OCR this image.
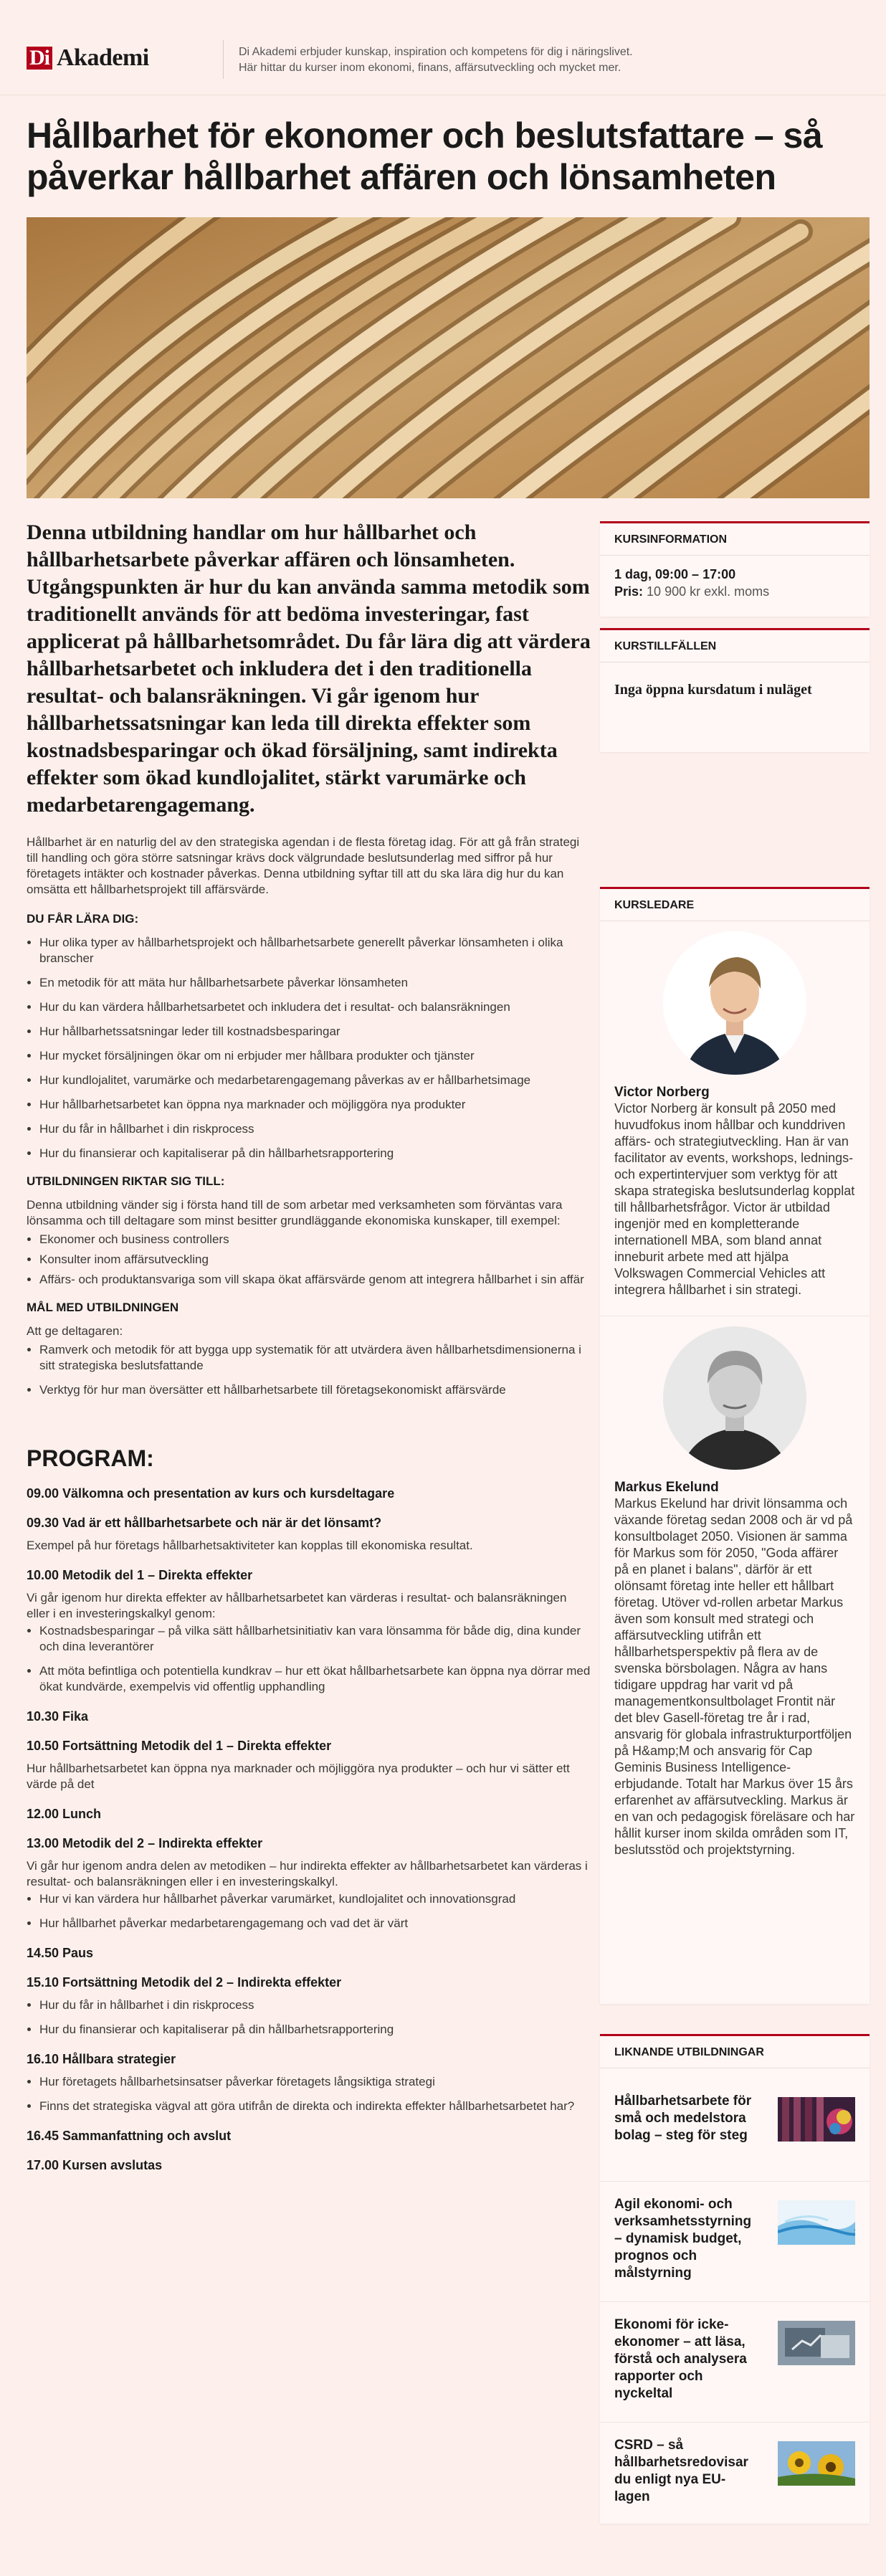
Di Akademi	Di Akademi erbjuder kunskap, inspiration och kompetens för dig i näringslivet.
Här hittar du kurser inom ekonomi, finans, affärsutveckling och mycket mer.
Hållbarhet för ekonomer och beslutsfattare – så påverkar hållbarhet affären och lönsamheten

Denna utbildning handlar om hur hållbarhet och hållbarhetsarbete påverkar affären och lönsamheten. Utgångspunkten är hur du kan använda samma metodik som traditionellt används för att bedöma investeringar, fast applicerat på hållbarhetsområdet. Du får lära dig att värdera hållbarhetsarbetet och inkludera det i den traditionella resultat- och balansräkningen. Vi går igenom hur hållbarhetssatsningar kan leda till direkta effekter som kostnadsbesparingar och ökad försäljning, samt indirekta effekter som ökad kundlojalitet, stärkt varumärke och medarbetarengagemang.

Hållbarhet är en naturlig del av den strategiska agendan i de flesta företag idag. För att gå från strategi till handling och göra större satsningar krävs dock välgrundade beslutsunderlag med siffror på hur företagets intäkter och kostnader påverkas. Denna utbildning syftar till att du ska lära dig hur du kan omsätta ett hållbarhetsprojekt till affärsvärde.

DU FÅR LÄRA DIG:
• Hur olika typer av hållbarhetsprojekt och hållbarhetsarbete generellt påverkar lönsamheten i olika branscher
• En metodik för att mäta hur hållbarhetsarbete påverkar lönsamheten
• Hur du kan värdera hållbarhetsarbetet och inkludera det i resultat- och balansräkningen
• Hur hållbarhetssatsningar leder till kostnadsbesparingar
• Hur mycket försäljningen ökar om ni erbjuder mer hållbara produkter och tjänster
• Hur kundlojalitet, varumärke och medarbetarengagemang påverkas av er hållbarhetsimage
• Hur hållbarhetsarbetet kan öppna nya marknader och möjliggöra nya produkter
• Hur du får in hållbarhet i din riskprocess
• Hur du finansierar och kapitaliserar på din hållbarhetsrapportering
UTBILDNINGEN RIKTAR SIG TILL:

Denna utbildning vänder sig i första hand till de som arbetar med verksamheten som förväntas vara lönsamma och till deltagare som minst besitter grundläggande ekonomiska kunskaper, till exempel:

• Ekonomer och business controllers
• Konsulter inom affärsutveckling
• Affärs- och produktansvariga som vill skapa ökat affärsvärde genom att integrera hållbarhet i sin affär
MÅL MED UTBILDNINGEN

Att ge deltagaren:

• Ramverk och metodik för att bygga upp systematik för att utvärdera även hållbarhetsdimensionerna i sitt strategiska beslutsfattande
• Verktyg för hur man översätter ett hållbarhetsarbete till företagsekonomiskt affärsvärde
PROGRAM:
09.00 Välkomna och presentation av kurs och kursdeltagare
09.30 Vad är ett hållbarhetsarbete och när är det lönsamt?

Exempel på hur företags hållbarhetsaktiviteter kan kopplas till ekonomiska resultat.

10.00 Metodik del 1 – Direkta effekter

Vi går igenom hur direkta effekter av hållbarhetsarbetet kan värderas i resultat- och balansräkningen eller i en investeringskalkyl genom:

• Kostnadsbesparingar – på vilka sätt hållbarhetsinitiativ kan vara lönsamma för både dig, dina kunder och dina leverantörer
• Att möta befintliga och potentiella kundkrav – hur ett ökat hållbarhetsarbete kan öppna nya dörrar med ökat kundvärde, exempelvis vid offentlig upphandling
10.30 Fika
10.50 Fortsättning Metodik del 1 – Direkta effekter

Hur hållbarhetsarbetet kan öppna nya marknader och möjliggöra nya produkter – och hur vi sätter ett värde på det

12.00 Lunch
13.00 Metodik del 2 – Indirekta effekter

Vi går hur igenom andra delen av metodiken – hur indirekta effekter av hållbarhetsarbetet kan värderas i resultat- och balansräkningen eller i en investeringskalkyl.

• Hur vi kan värdera hur hållbarhet påverkar varumärket, kundlojalitet och innovationsgrad
• Hur hållbarhet påverkar medarbetarengagemang och vad det är värt
14.50 Paus
15.10 Fortsättning Metodik del 2 – Indirekta effekter
• Hur du får in hållbarhet i din riskprocess
• Hur du finansierar och kapitaliserar på din hållbarhetsrapportering
16.10 Hållbara strategier
• Hur företagets hållbarhetsinsatser påverkar företagets långsiktiga strategi
• Finns det strategiska vägval att göra utifrån de direkta och indirekta effekter hållbarhetsarbetet har?
16.45 Sammanfattning och avslut
17.00 Kursen avslutas
KURSINFORMATION
1 dag, 09:00 – 17:00
Pris: 10 900 kr exkl. moms
KURSTILLFÄLLEN
Inga öppna kursdatum i nuläget
KURSLEDARE
Victor Norberg
Victor Norberg är konsult på 2050 med huvudfokus inom hållbar och kunddriven affärs- och strategiutveckling. Han är van facilitator av events, workshops, lednings- och expertintervjuer som verktyg för att skapa strategiska beslutsunderlag kopplat till hållbarhetsfrågor. Victor är utbildad ingenjör med en kompletterande internationell MBA, som bland annat inneburit arbete med att hjälpa Volkswagen Commercial Vehicles att integrera hållbarhet i sin strategi.
Markus Ekelund
Markus Ekelund har drivit lönsamma och växande företag sedan 2008 och är vd på konsultbolaget 2050. Visionen är samma för Markus som för 2050, "Goda affärer på en planet i balans", därför är ett olönsamt företag inte heller ett hållbart företag. Utöver vd-rollen arbetar Markus även som konsult med strategi och affärsutveckling utifrån ett hållbarhetsperspektiv på flera av de svenska börsbolagen. Några av hans tidigare uppdrag har varit vd på managementkonsultbolaget Frontit när det blev Gasell-företag tre år i rad, ansvarig för globala infrastrukturportföljen på H&amp;M och ansvarig för Cap Geminis Business Intelligence-erbjudande. Totalt har Markus över 15 års erfarenhet av affärsutveckling. Markus är en van och pedagogisk föreläsare och har hållit kurser inom skilda områden som IT, beslutsstöd och projektstyrning.
LIKNANDE UTBILDNINGAR
Hållbarhetsarbete för små och medelstora bolag – steg för steg
Agil ekonomi- och verksamhetsstyrning – dynamisk budget, prognos och målstyrning
Ekonomi för icke-ekonomer – att läsa, förstå och analysera rapporter och nyckeltal
CSRD – så hållbarhetsredovisar du enligt nya EU-lagen
